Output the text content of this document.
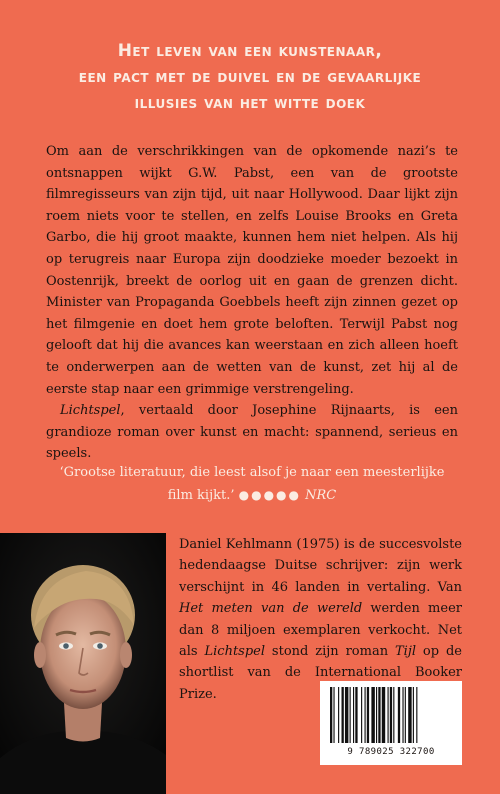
Het leven van een kunstenaar,
een pact met de duivel en de gevaarlijke
illusies van het witte doek

Om aan de verschrikkingen van de opkomende nazi’s te ontsnappen wijkt G.W. Pabst, een van de grootste filmregisseurs van zijn tijd, uit naar Hollywood. Daar lijkt zijn roem niets voor te stellen, en zelfs Louise Brooks en Greta Garbo, die hij groot maakte, kunnen hem niet helpen. Als hij op terugreis naar Europa zijn doodzieke moeder bezoekt in Oostenrijk, breekt de oorlog uit en gaan de grenzen dicht. Minister van Propaganda Goebbels heeft zijn zinnen gezet op het filmgenie en doet hem grote beloften. Terwijl Pabst nog gelooft dat hij die avances kan weerstaan en zich alleen hoeft te onderwerpen aan de wetten van de kunst, zet hij al de eerste stap naar een grimmige verstrengeling.

Lichtspel, vertaald door Josephine Rijnaarts, is een grandioze roman over kunst en macht: spannend, serieus en speels.

‘Grootse literatuur, die leest alsof je naar een meesterlijke film kijkt.’ ●●●●● NRC
Daniel Kehlmann (1975) is de succesvolste hedendaagse Duitse schrijver: zijn werk verschijnt in 46 landen in vertaling. Van Het meten van de wereld werden meer dan 8 miljoen exemplaren verkocht. Net als Lichtspel stond zijn roman Tijl op de shortlist van de International Booker Prize.
9 789025 322700
